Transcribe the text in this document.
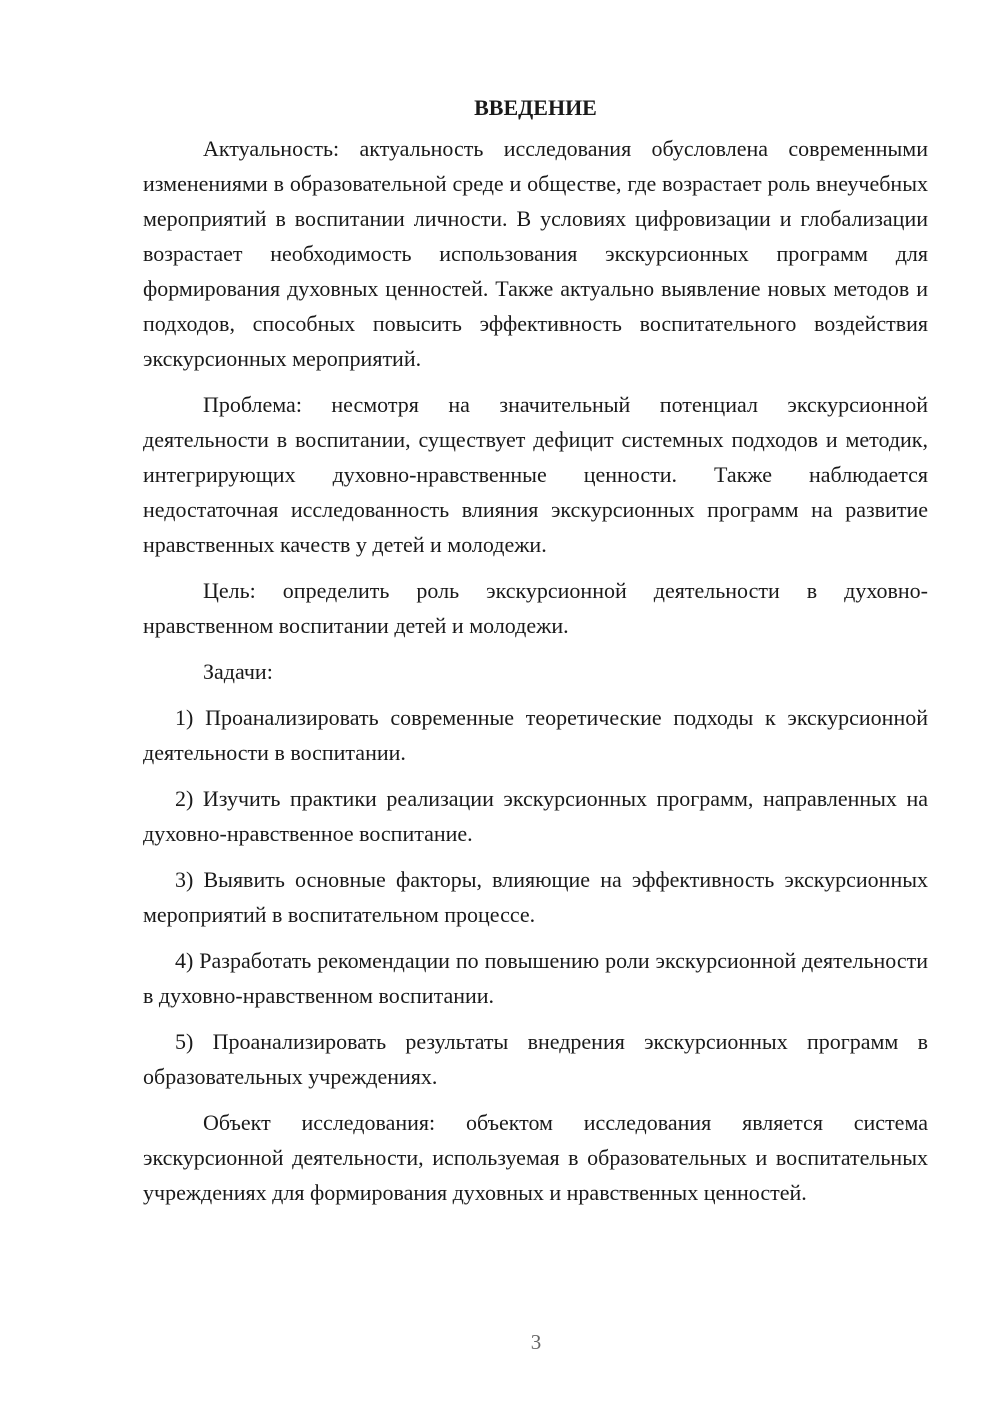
ВВЕДЕНИЕ

Актуальность: актуальность исследования обусловлена современными изменениями в образовательной среде и обществе, где возрастает роль внеучебных мероприятий в воспитании личности. В условиях цифровизации и глобализации возрастает необходимость использования экскурсионных программ для формирования духовных ценностей. Также актуально выявление новых методов и подходов, способных повысить эффективность воспитательного воздействия экскурсионных мероприятий.

Проблема: несмотря на значительный потенциал экскурсионной деятельности в воспитании, существует дефицит системных подходов и методик, интегрирующих духовно-нравственные ценности. Также наблюдается недостаточная исследованность влияния экскурсионных программ на развитие нравственных качеств у детей и молодежи.

Цель: определить роль экскурсионной деятельности в духовно-нравственном воспитании детей и молодежи.

Задачи:

1) Проанализировать современные теоретические подходы к экскурсионной деятельности в воспитании.

2) Изучить практики реализации экскурсионных программ, направленных на духовно-нравственное воспитание.

3) Выявить основные факторы, влияющие на эффективность экскурсионных мероприятий в воспитательном процессе.

4) Разработать рекомендации по повышению роли экскурсионной деятельности в духовно-нравственном воспитании.

5) Проанализировать результаты внедрения экскурсионных программ в образовательных учреждениях.

Объект исследования: объектом исследования является система экскурсионной деятельности, используемая в образовательных и воспитательных учреждениях для формирования духовных и нравственных ценностей.

3
